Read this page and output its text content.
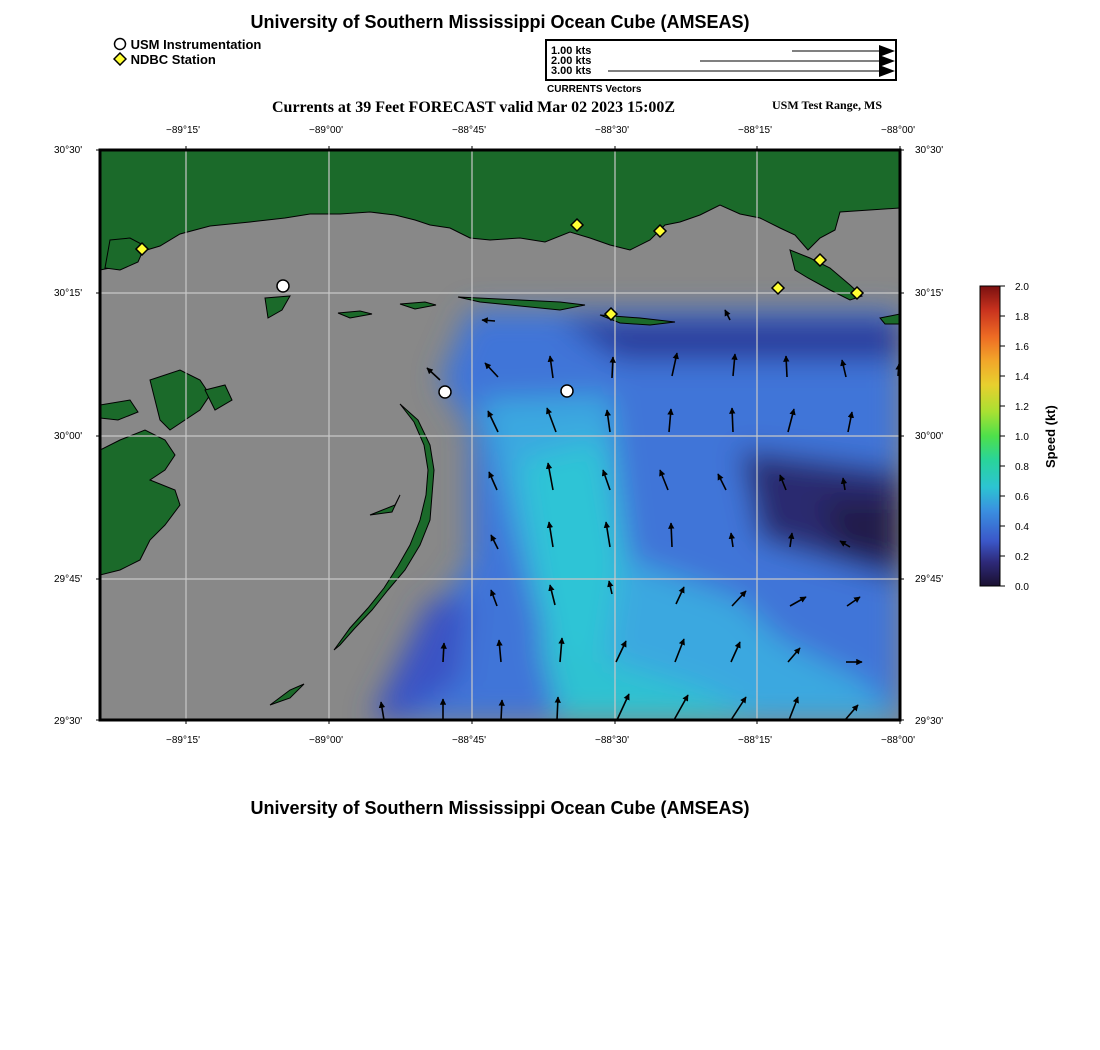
University of Southern Mississippi Ocean Cube (AMSEAS)
USM Instrumentation
NDBC Station
1.00 kts
2.00 kts
3.00 kts
CURRENTS Vectors
Currents at 39 Feet FORECAST valid Mar 02 2023 15:00Z	USM Test Range, MS
−89°15'	−89°00'	−88°45'	−88°30'	−88°15'	−88°00'
−89°15'	−89°00'	−88°45'	−88°30'	−88°15'	−88°00'
30°30'
30°15'
30°00'
29°45'
29°30'
30°30'
30°15'
30°00'
29°45'
29°30'
2.0
1.8
1.6
1.4
1.2
1.0
0.8
0.6
0.4
0.2
0.0
Speed (kt)
University of Southern Mississippi Ocean Cube (AMSEAS)
